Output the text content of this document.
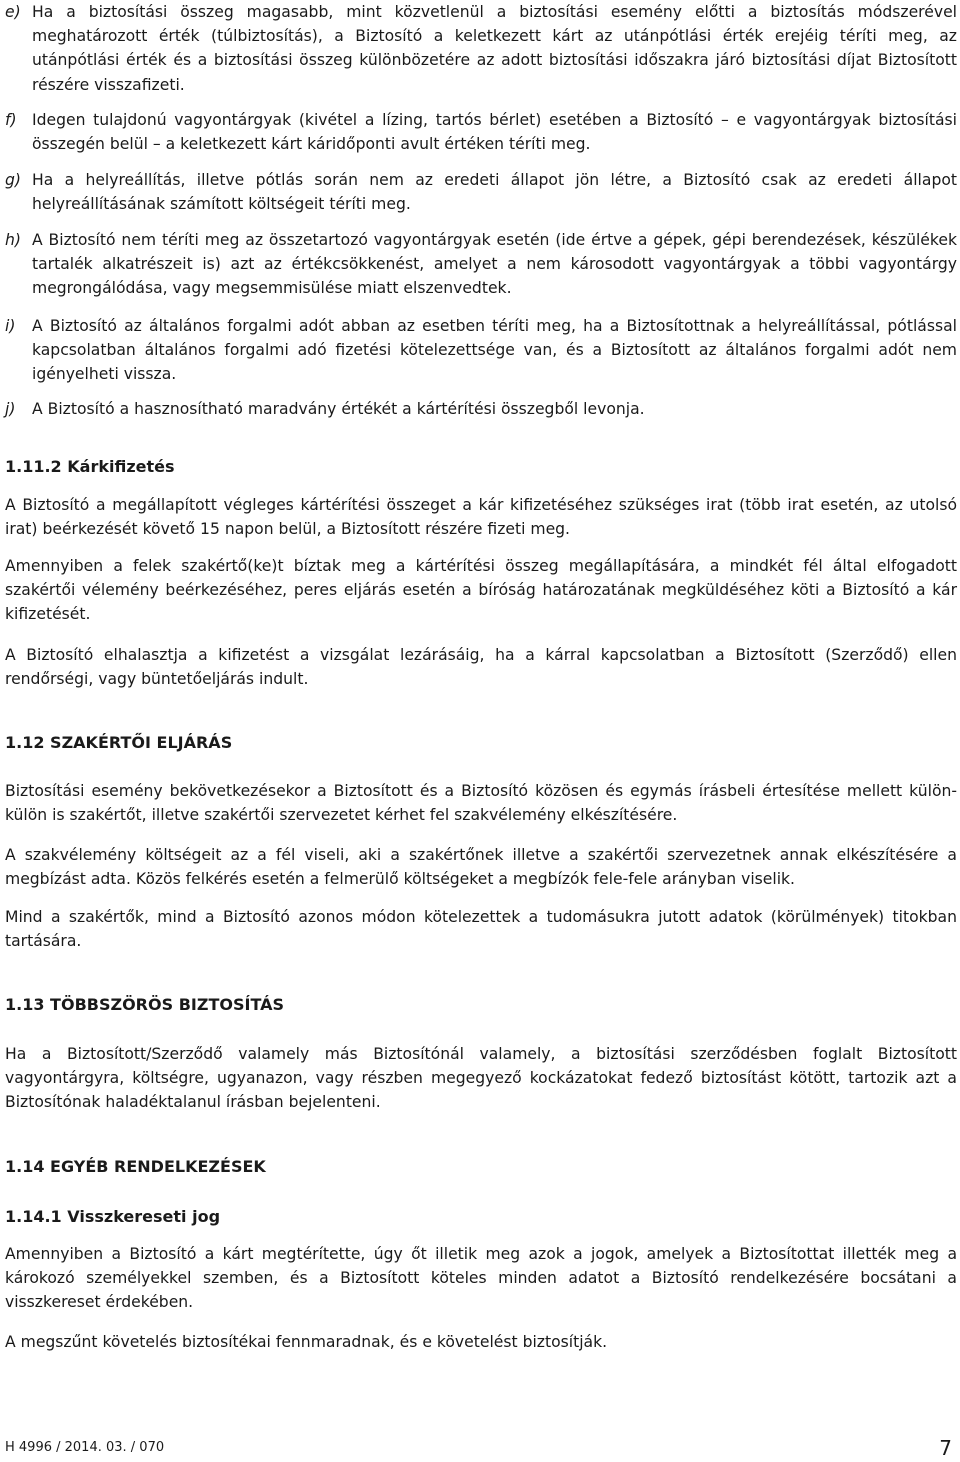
e) Ha a biztosítási összeg magasabb, mint közvetlenül a biztosítási esemény előtti a biztosítás módszerével meghatározott érték (túlbiztosítás), a Biztosító a keletkezett kárt az utánpótlási érték erejéig téríti meg, az utánpótlási érték és a biztosítási összeg különbözetére az adott biztosítási időszakra járó biztosítási díjat Biztosított részére visszafizeti.
f) Idegen tulajdonú vagyontárgyak (kivétel a lízing, tartós bérlet) esetében a Biztosító – e vagyontárgyak biztosítási összegén belül – a keletkezett kárt káridőponti avult értéken téríti meg.
g) Ha a helyreállítás, illetve pótlás során nem az eredeti állapot jön létre, a Biztosító csak az eredeti állapot helyreállításának számított költségeit téríti meg.
h) A Biztosító nem téríti meg az összetartozó vagyontárgyak esetén (ide értve a gépek, gépi berendezések, készülékek tartalék alkatrészeit is) azt az értékcsökkenést, amelyet a nem károsodott vagyontárgyak a többi vagyontárgy megrongálódása, vagy megsemmisülése miatt elszenvedtek.
i)	A Biztosító az általános forgalmi adót abban az esetben téríti meg, ha a Biztosítottnak a helyreállítással, pótlással kapcsolatban általános forgalmi adó fizetési kötelezettsége van, és a Biztosított az általános forgalmi adót nem igényelheti vissza.
j)	A Biztosító a hasznosítható maradvány értékét a kártérítési összegből levonja.
1.11.2 Kárkifizetés

A Biztosító a megállapított végleges kártérítési összeget a kár kifizetéséhez szükséges irat (több irat esetén, az utolsó irat) beérkezését követő 15 napon belül, a Biztosított részére fizeti meg.

Amennyiben a felek szakértő(ke)t bíztak meg a kártérítési összeg megállapítására, a mindkét fél által elfogadott szakértői vélemény beérkezéséhez, peres eljárás esetén a bíróság határozatának megküldéséhez köti a Biztosító a kár kifizetését.

A Biztosító elhalasztja a kifizetést a vizsgálat lezárásáig, ha a kárral kapcsolatban a Biztosított (Szerződő) ellen rendőrségi, vagy büntetőeljárás indult.

1.12 SZAKÉRTŐI ELJÁRÁS

Biztosítási esemény bekövetkezésekor a Biztosított és a Biztosító közösen és egymás írásbeli értesítése mellett külön-külön is szakértőt, illetve szakértői szervezetet kérhet fel szakvélemény elkészítésére.

A szakvélemény költségeit az a fél viseli, aki a szakértőnek illetve a szakértői szervezetnek annak elkészítésére a megbízást adta. Közös felkérés esetén a felmerülő költségeket a megbízók fele-fele arányban viselik.

Mind a szakértők, mind a Biztosító azonos módon kötelezettek a tudomásukra jutott adatok (körülmények) titokban tartására.

1.13 TÖBBSZÖRÖS BIZTOSÍTÁS

Ha a Biztosított/Szerződő valamely más Biztosítónál valamely, a biztosítási szerződésben foglalt Biztosított vagyontárgyra, költségre, ugyanazon, vagy részben megegyező kockázatokat fedező biztosítást kötött, tartozik azt a Biztosítónak haladéktalanul írásban bejelenteni.

1.14 EGYÉB RENDELKEZÉSEK
1.14.1 Visszkereseti jog

Amennyiben a Biztosító a kárt megtérítette, úgy őt illetik meg azok a jogok, amelyek a Biztosítottat illették meg a károkozó személyekkel szemben, és a Biztosított köteles minden adatot a Biztosító rendelkezésére bocsátani a visszkereset érdekében.

A megszűnt követelés biztosítékai fennmaradnak, és e követelést biztosítják.

H 4996 / 2014. 03. / 070	7
